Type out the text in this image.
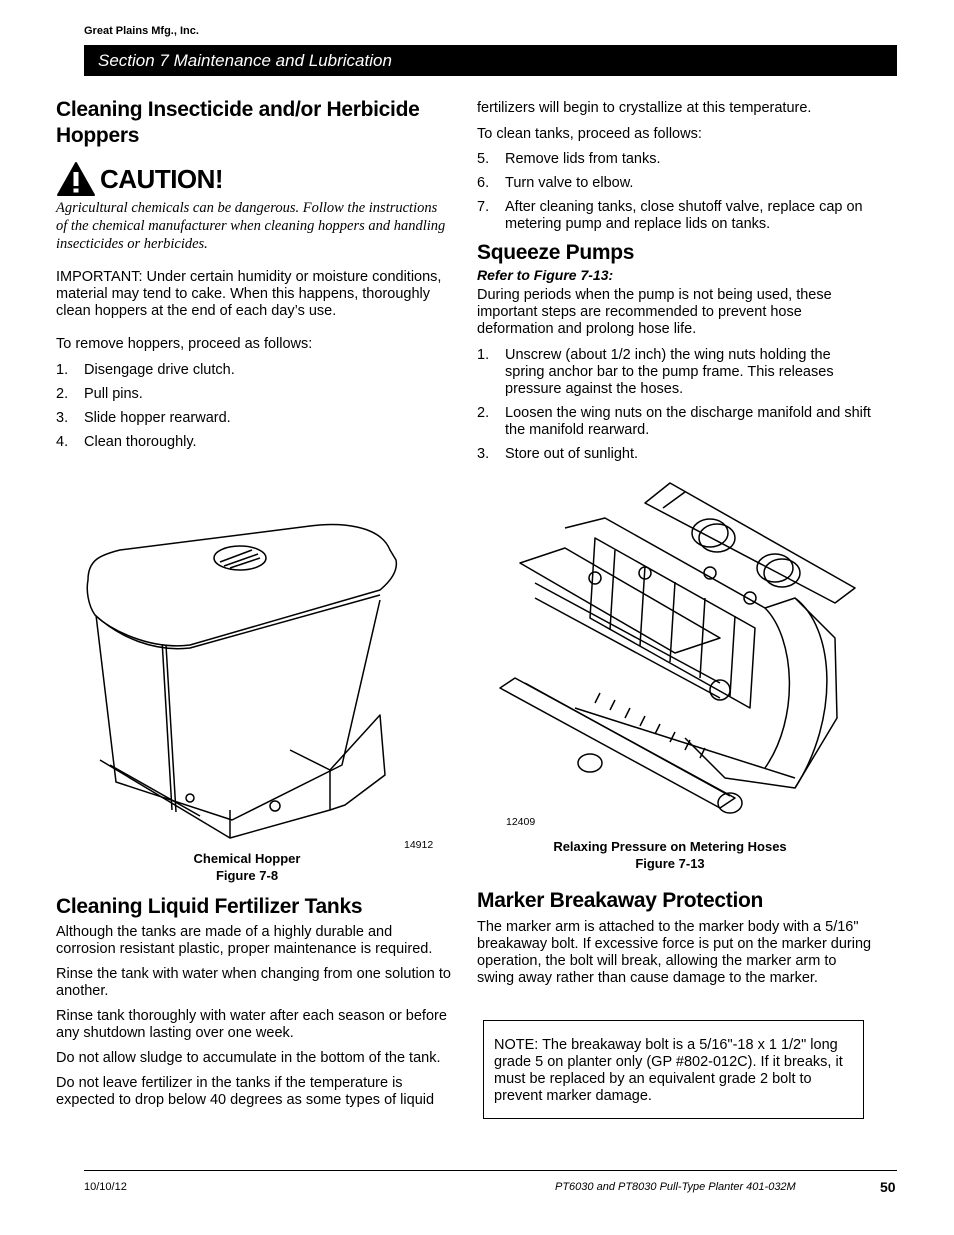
Great Plains Mfg., Inc.
Section 7 Maintenance and Lubrication
Cleaning Insecticide and/or Herbicide Hoppers
CAUTION!

Agricultural chemicals can be dangerous. Follow the instructions of the chemical manufacturer when cleaning hoppers and handling insecticides or herbicides.

IMPORTANT: Under certain humidity or moisture conditions, material may tend to cake. When this happens, thoroughly clean hoppers at the end of each day’s use.

To remove hoppers, proceed as follows:

1.	Disengage drive clutch.
2.	Pull pins.
3.	Slide hopper rearward.
4.	Clean thoroughly.
14912
Chemical Hopper
Figure 7-8
Cleaning Liquid Fertilizer Tanks

Although the tanks are made of a highly durable and corrosion resistant plastic, proper maintenance is required.

Rinse the tank with water when changing from one solution to another.

Rinse tank thoroughly with water after each season or before any shutdown lasting over one week.

Do not allow sludge to accumulate in the bottom of the tank.

Do not leave fertilizer in the tanks if the temperature is expected to drop below 40 degrees as some types of liquid

fertilizers will begin to crystallize at this temperature.

To clean tanks, proceed as follows:

5.	Remove lids from tanks.
6.	Turn valve to elbow.
7.	After cleaning tanks, close shutoff valve, replace cap on metering pump and replace lids on tanks.
Squeeze Pumps
Refer to Figure 7-13:

During periods when the pump is not being used, these important steps are recommended to prevent hose deformation and prolong hose life.

1.	Unscrew (about 1/2 inch) the wing nuts holding the spring anchor bar to the pump frame. This releases pressure against the hoses.
2.	Loosen the wing nuts on the discharge manifold and shift the manifold rearward.
3.	Store out of sunlight.
12409
Relaxing Pressure on Metering Hoses
Figure 7-13
Marker Breakaway Protection

The marker arm is attached to the marker body with a 5/16" breakaway bolt. If excessive force is put on the marker during operation, the bolt will break, allowing the marker arm to swing away rather than cause damage to the marker.

NOTE: The breakaway bolt is a 5/16"-18 x 1 1/2" long grade 5 on planter only (GP #802-012C). If it breaks, it must be replaced by an equivalent grade 2 bolt to prevent marker damage.

10/10/12	PT6030 and PT8030 Pull-Type Planter 401-032M	50
